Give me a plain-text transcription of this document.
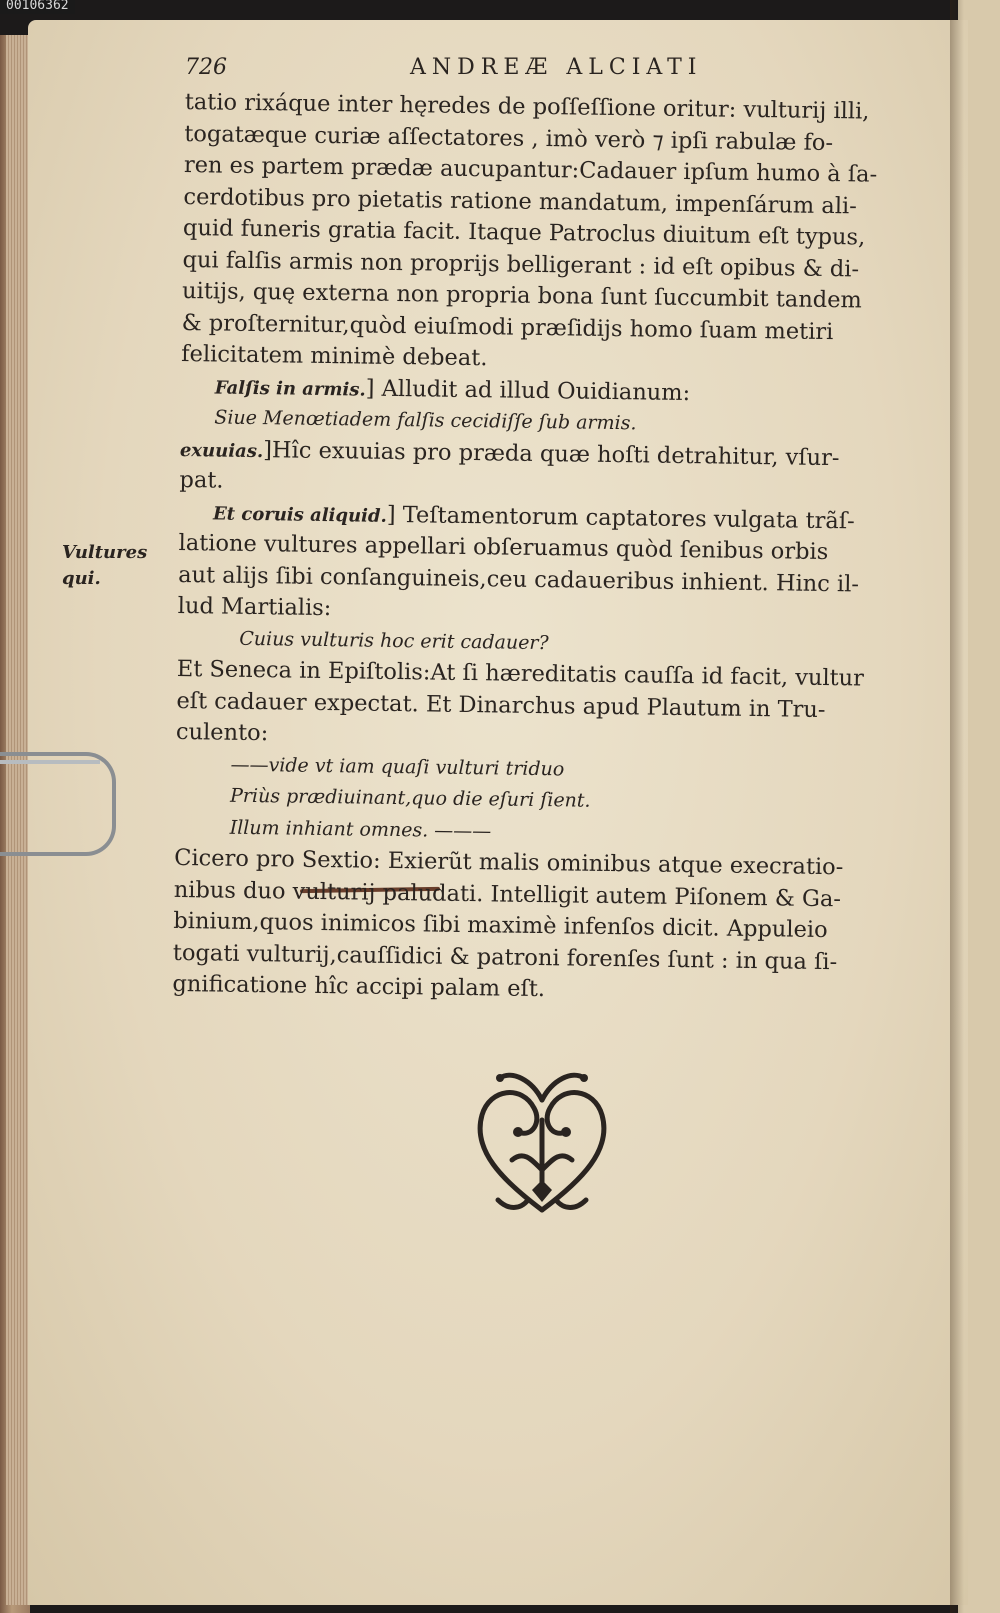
00106362
726	ANDREÆ ALCIATI
Vultures
qui.
tatio rixáque inter hęredes de poſſeſſione oritur: vulturij illi,
togatæque curiæ aſſectatores , imò verò ⁊ ipſi rabulæ fo-
ren es partem prædæ aucupantur:Cadauer ipſum humo à ſa-
cerdotibus pro pietatis ratione mandatum, impenſárum ali-
quid funeris gratia facit. Itaque Patroclus diuitum eſt typus,
qui falſis armis non proprijs belligerant : id eſt opibus & di-
uitijs, quę externa non propria bona ſunt ſuccumbit tandem
& proſternitur,quòd eiuſmodi præſidijs homo ſuam metiri
felicitatem minimè debeat.
Falſis in armis.] Alludit ad illud Ouidianum:
Siue Menœtiadem falſis cecidiſſe ſub armis.
exuuias.]Hîc exuuias pro præda quæ hoſti detrahitur, vſur-
pat.
Et coruis aliquid.] Teſtamentorum captatores vulgata trãſ-
latione vultures appellari obſeruamus quòd ſenibus orbis
aut alijs ſibi conſanguineis,ceu cadaueribus inhient. Hinc il-
lud Martialis:
Cuius vulturis hoc erit cadauer?
Et Seneca in Epiſtolis:At ſi hæreditatis cauſſa id facit, vultur
eſt cadauer expectat. Et Dinarchus apud Plautum in Tru-
culento:
——vide vt iam quaſi vulturi triduo
Priùs prædiuinant,quo die eſuri ſient.
Illum inhiant omnes. ———
Cicero pro Sextio: Exierũt malis ominibus atque execratio-
nibus duo vulturij paludati. Intelligit autem Piſonem & Ga-
binium,quos inimicos ſibi maximè infenſos dicit. Appuleio
togati vulturij,cauſſidici & patroni forenſes ſunt : in qua ſi-
gnificatione hîc accipi palam eſt.
